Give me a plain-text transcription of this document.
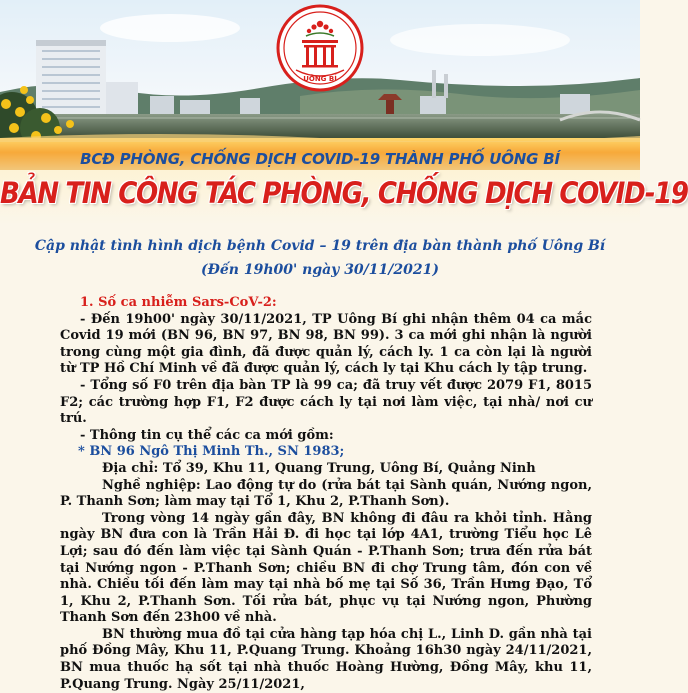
UÔNG BÍ
BCĐ PHÒNG, CHỐNG DỊCH COVID-19 THÀNH PHỐ UÔNG BÍ
BẢN TIN CÔNG TÁC PHÒNG, CHỐNG DỊCH COVID-19
Cập nhật tình hình dịch bệnh Covid – 19 trên địa bàn thành phố Uông Bí
(Đến 19h00' ngày 30/11/2021)

1. Số ca nhiễm Sars-CoV-2:

- Đến 19h00' ngày 30/11/2021, TP Uông Bí ghi nhận thêm 04 ca mắc Covid 19 mới (BN 96, BN 97, BN 98, BN 99). 3 ca mới ghi nhận là người trong cùng một gia đình, đã được quản lý, cách ly. 1 ca còn lại là người từ TP Hồ Chí Minh về đã được quản lý, cách ly tại Khu cách ly tập trung.

- Tổng số F0 trên địa bàn TP là 99 ca; đã truy vết được 2079 F1, 8015 F2; các trường hợp F1, F2 được cách ly tại nơi làm việc, tại nhà/ nơi cư trú.

- Thông tin cụ thể các ca mới gồm:

* BN 96 Ngô Thị Minh Th., SN 1983;

Địa chỉ: Tổ 39, Khu 11, Quang Trung, Uông Bí, Quảng Ninh

Nghề nghiệp: Lao động tự do (rửa bát tại Sành quán, Nướng ngon, P. Thanh Sơn; làm may tại Tổ 1, Khu 2, P.Thanh Sơn).

Trong vòng 14 ngày gần đây, BN không đi đâu ra khỏi tỉnh. Hằng ngày BN đưa con là Trần Hải Đ. đi học tại lớp 4A1, trường Tiểu học Lê Lợi; sau đó đến làm việc tại Sành Quán - P.Thanh Sơn; trưa đến rửa bát tại Nướng ngon - P.Thanh Sơn; chiều BN đi chợ Trung tâm, đón con về nhà. Chiều tối đến làm may tại nhà bố mẹ tại Số 36, Trần Hưng Đạo, Tổ 1, Khu 2, P.Thanh Sơn. Tối rửa bát, phục vụ tại Nướng ngon, Phường Thanh Sơn đến 23h00 về nhà.

BN thường mua đồ tại cửa hàng tạp hóa chị L., Linh D. gần nhà tại phố Đồng Mây, Khu 11, P.Quang Trung. Khoảng 16h30 ngày 24/11/2021, BN mua thuốc hạ sốt tại nhà thuốc Hoàng Hường, Đồng Mây, khu 11, P.Quang Trung. Ngày 25/11/2021,
